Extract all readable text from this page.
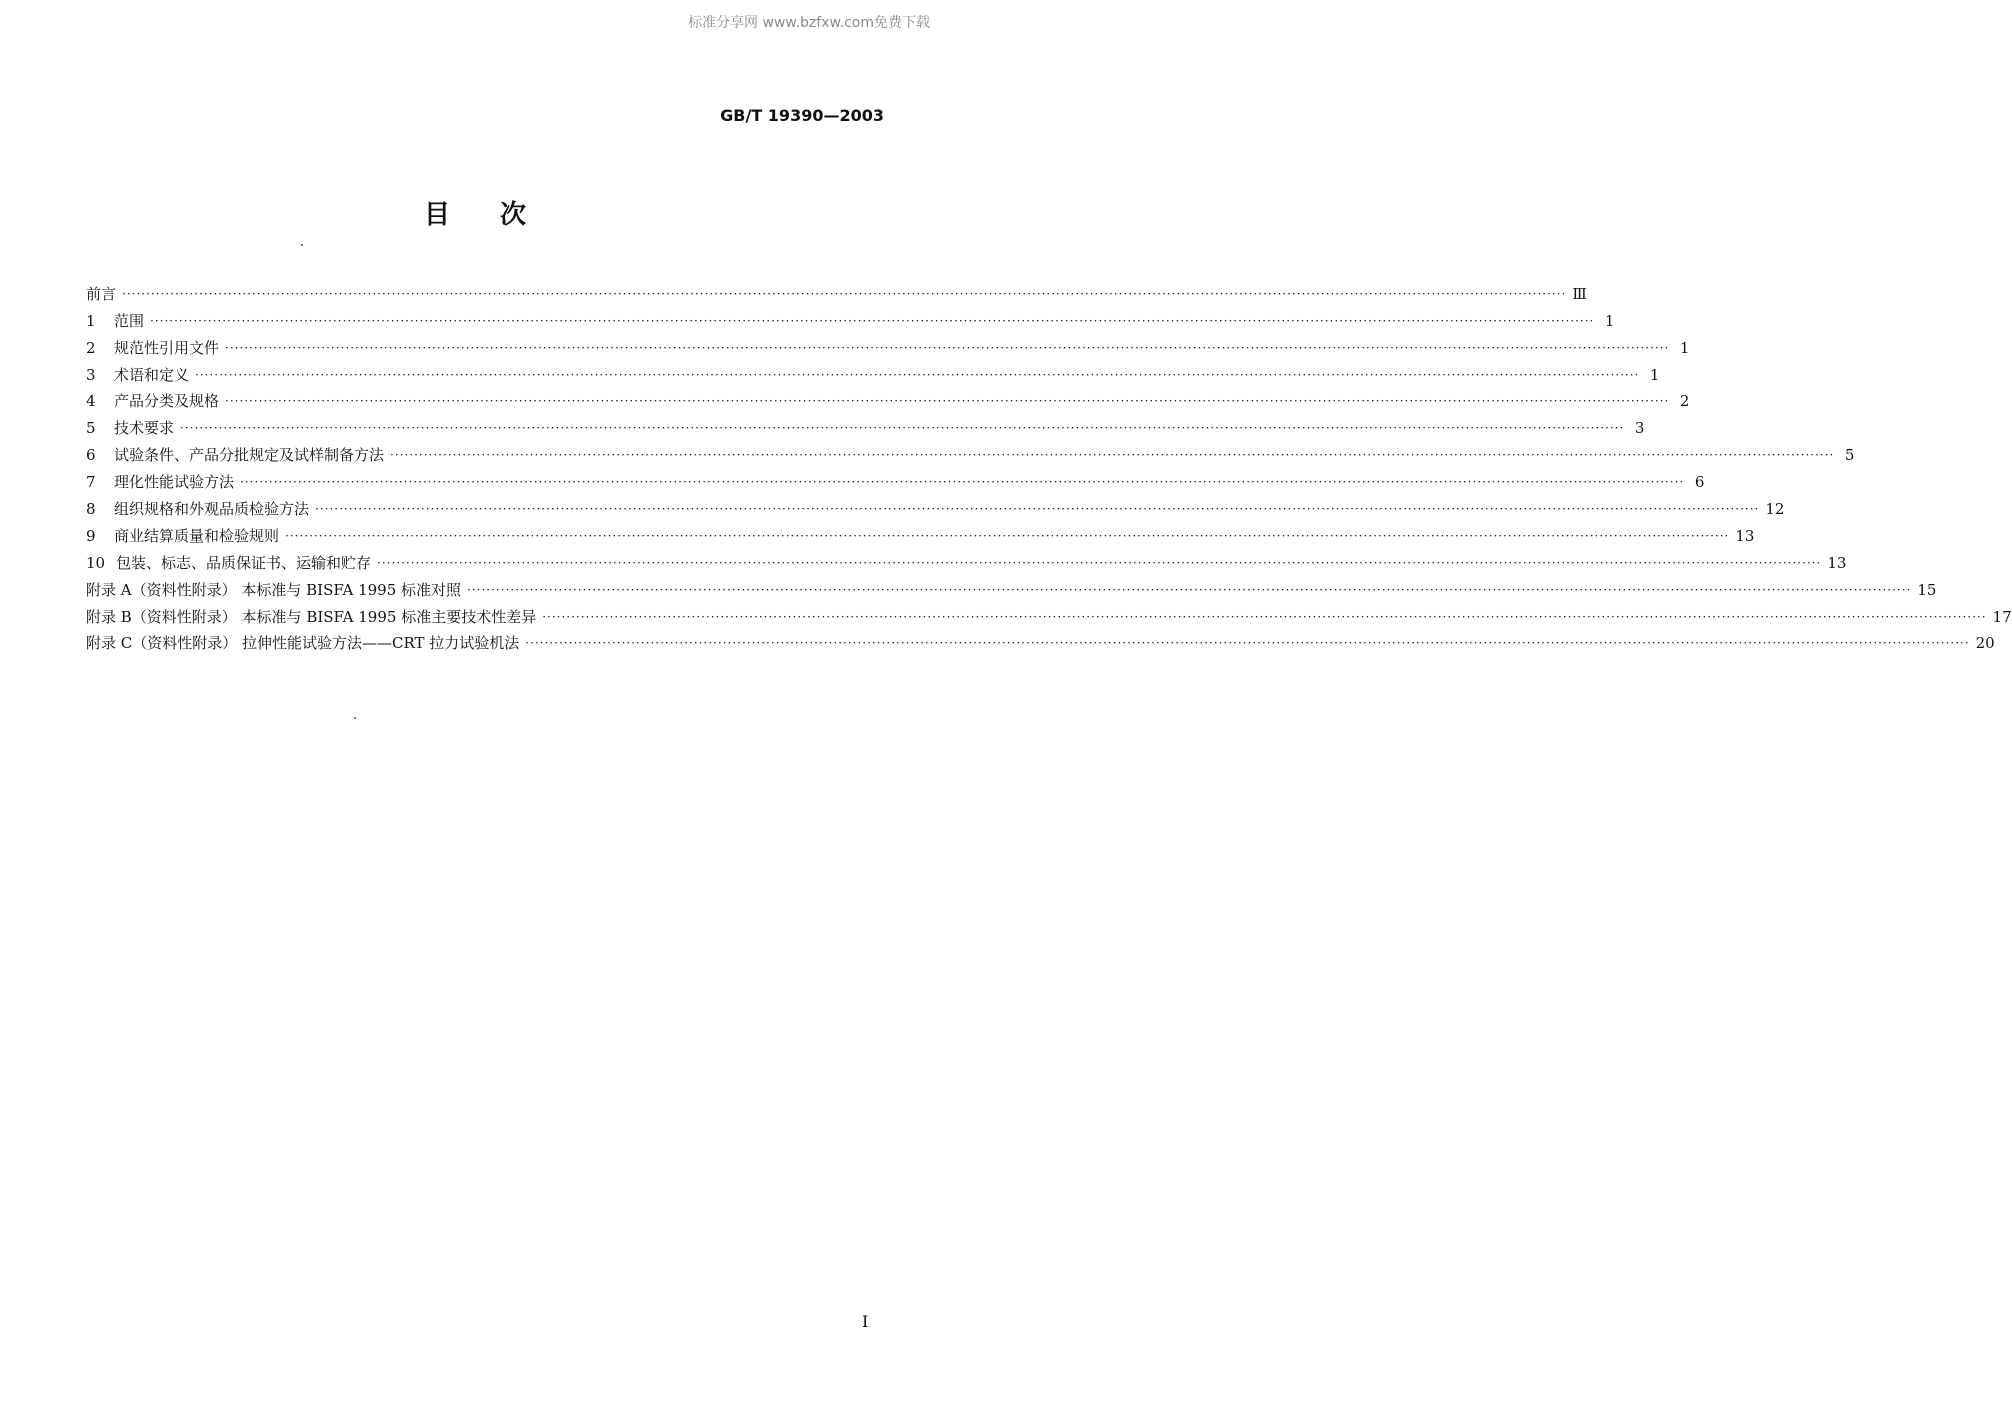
标准分享网 www.bzfxw.com免费下载
GB/T 19390—2003
目次
前言 ············································································································································································································································································································ Ⅲ
1	范围 ············································································································································································································································································································ 1
2	规范性引用文件 ············································································································································································································································································································ 1
3	术语和定义 ············································································································································································································································································································ 1
4	产品分类及规格 ············································································································································································································································································································ 2
5	技术要求 ············································································································································································································································································································ 3
6	试验条件、产品分批规定及试样制备方法 ············································································································································································································································································································ 5
7	理化性能试验方法 ············································································································································································································································································································ 6
8	组织规格和外观品质检验方法 ············································································································································································································································································································ 12
9	商业结算质量和检验规则 ············································································································································································································································································································ 13
10 包装、标志、品质保证书、运输和贮存 ············································································································································································································································································································ 13
附录 A（资料性附录） 本标准与 BISFA 1995 标准对照 ············································································································································································································································································································ 15
附录 B（资料性附录） 本标准与 BISFA 1995 标准主要技术性差异 ············································································································································································································································································································ 17
附录 C（资料性附录） 拉伸性能试验方法——CRT 拉力试验机法 ············································································································································································································································································································ 20
I
